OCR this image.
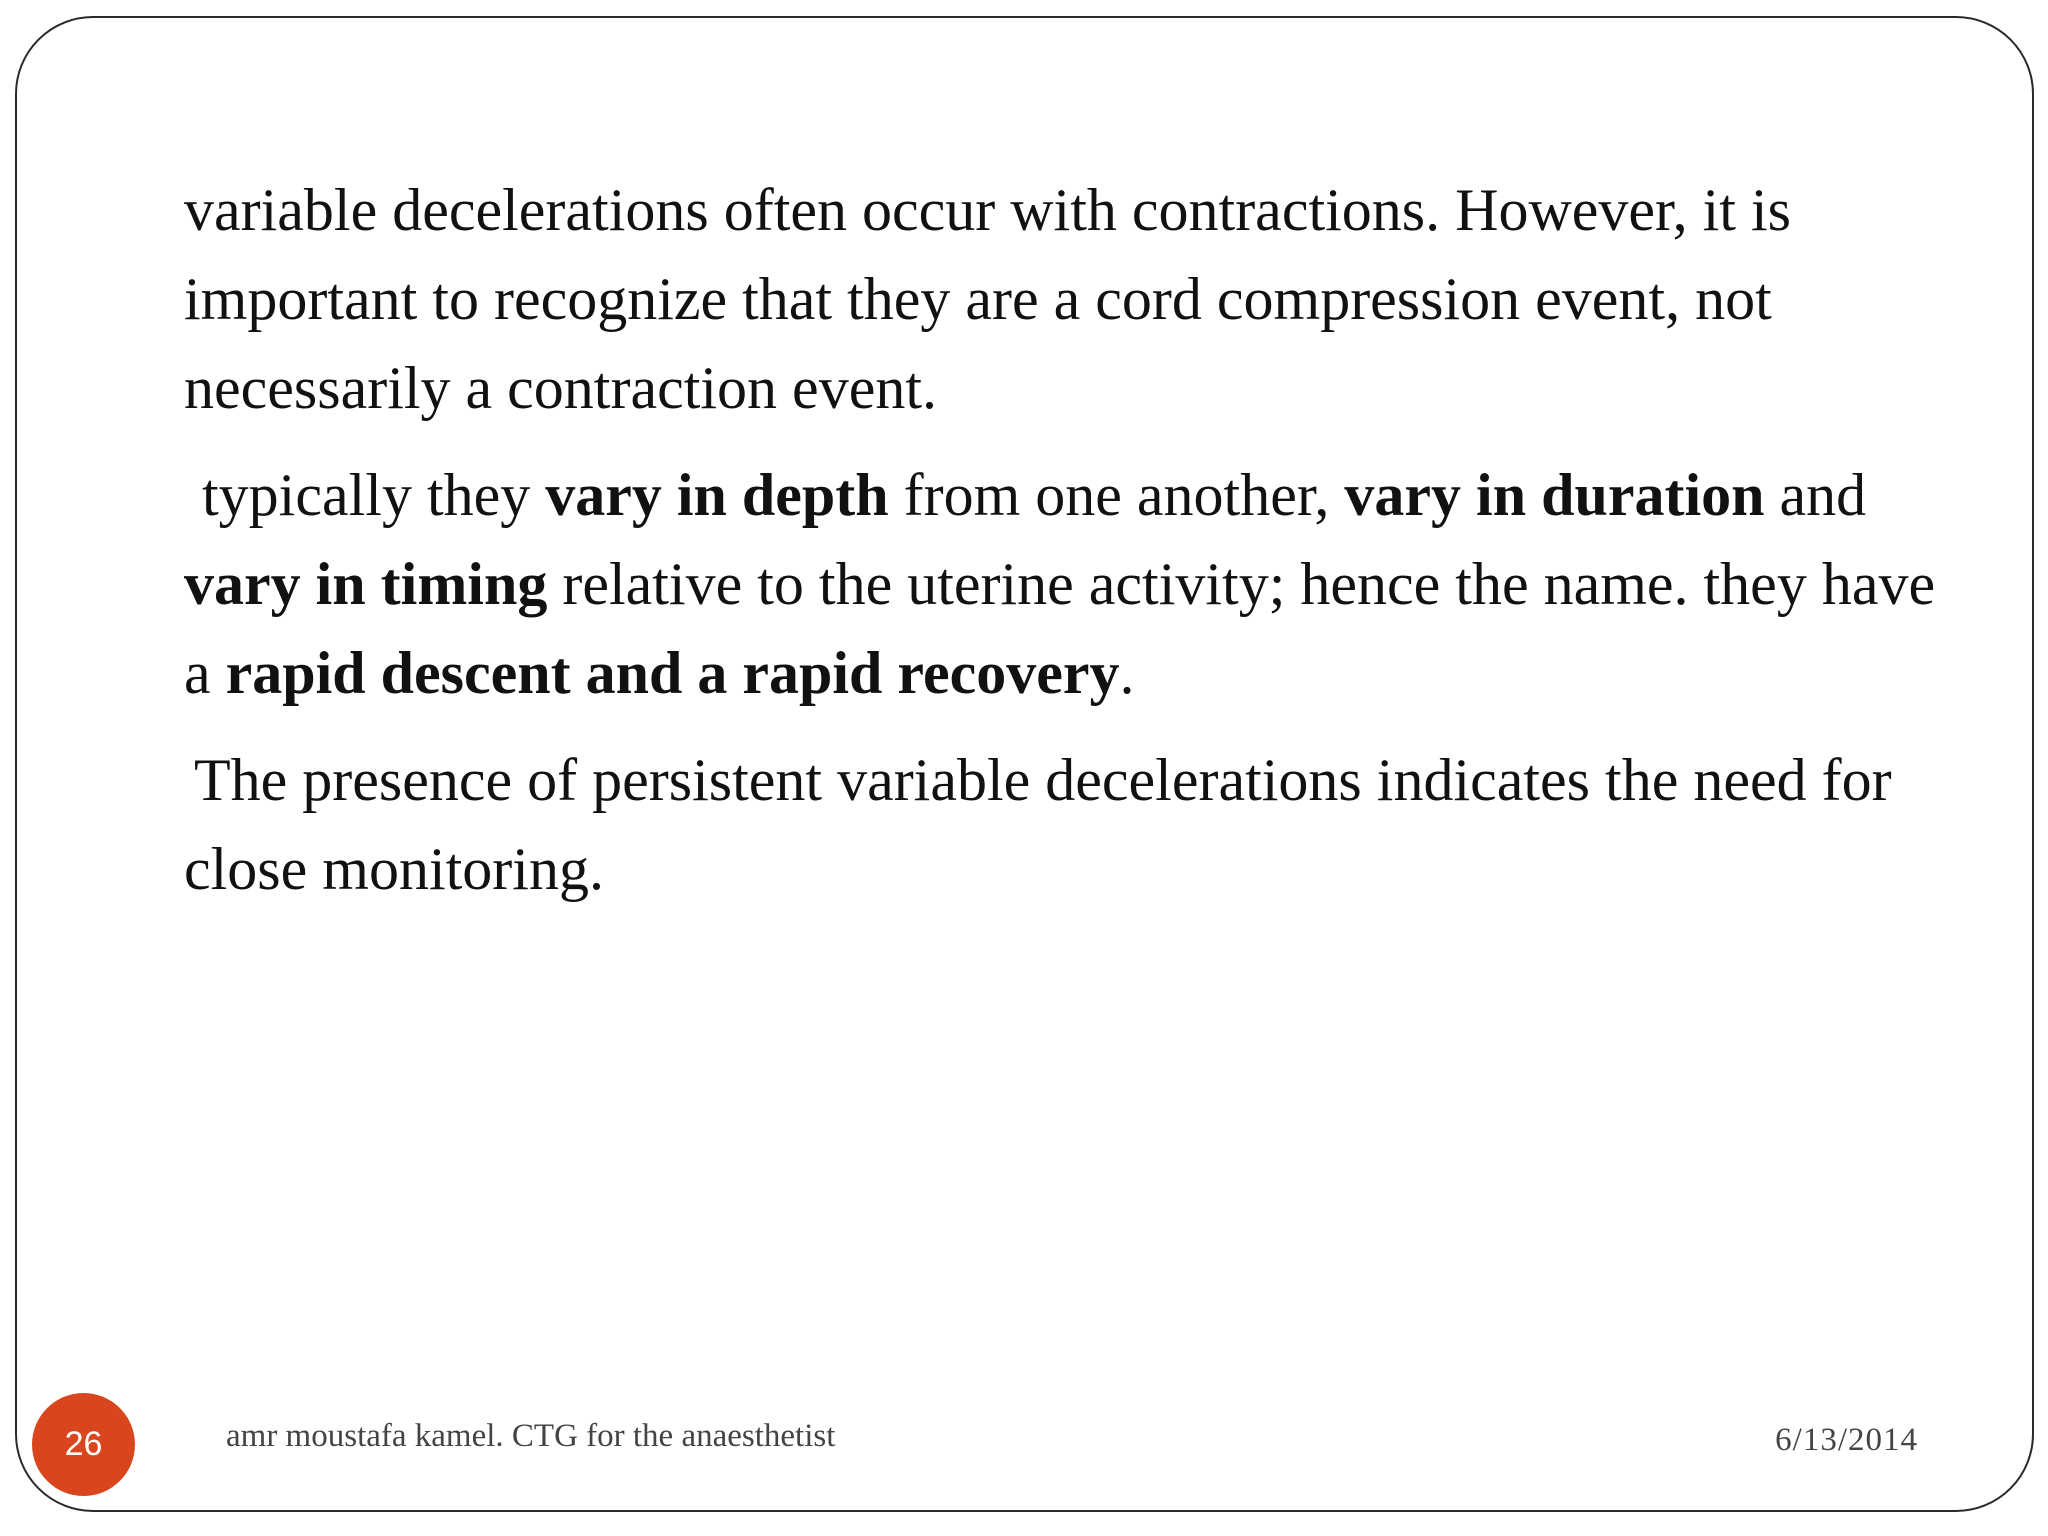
variable decelerations often occur with contractions. However, it is important to recognize that they are a cord compression event, not necessarily a contraction event.

typically they vary in depth from one another, vary in duration and vary in timing relative to the uterine activity; hence the name. they have a rapid descent and a rapid recovery.

The presence of persistent variable decelerations indicates the need for close monitoring.

26	amr moustafa kamel. CTG for the anaesthetist	6/13/2014
